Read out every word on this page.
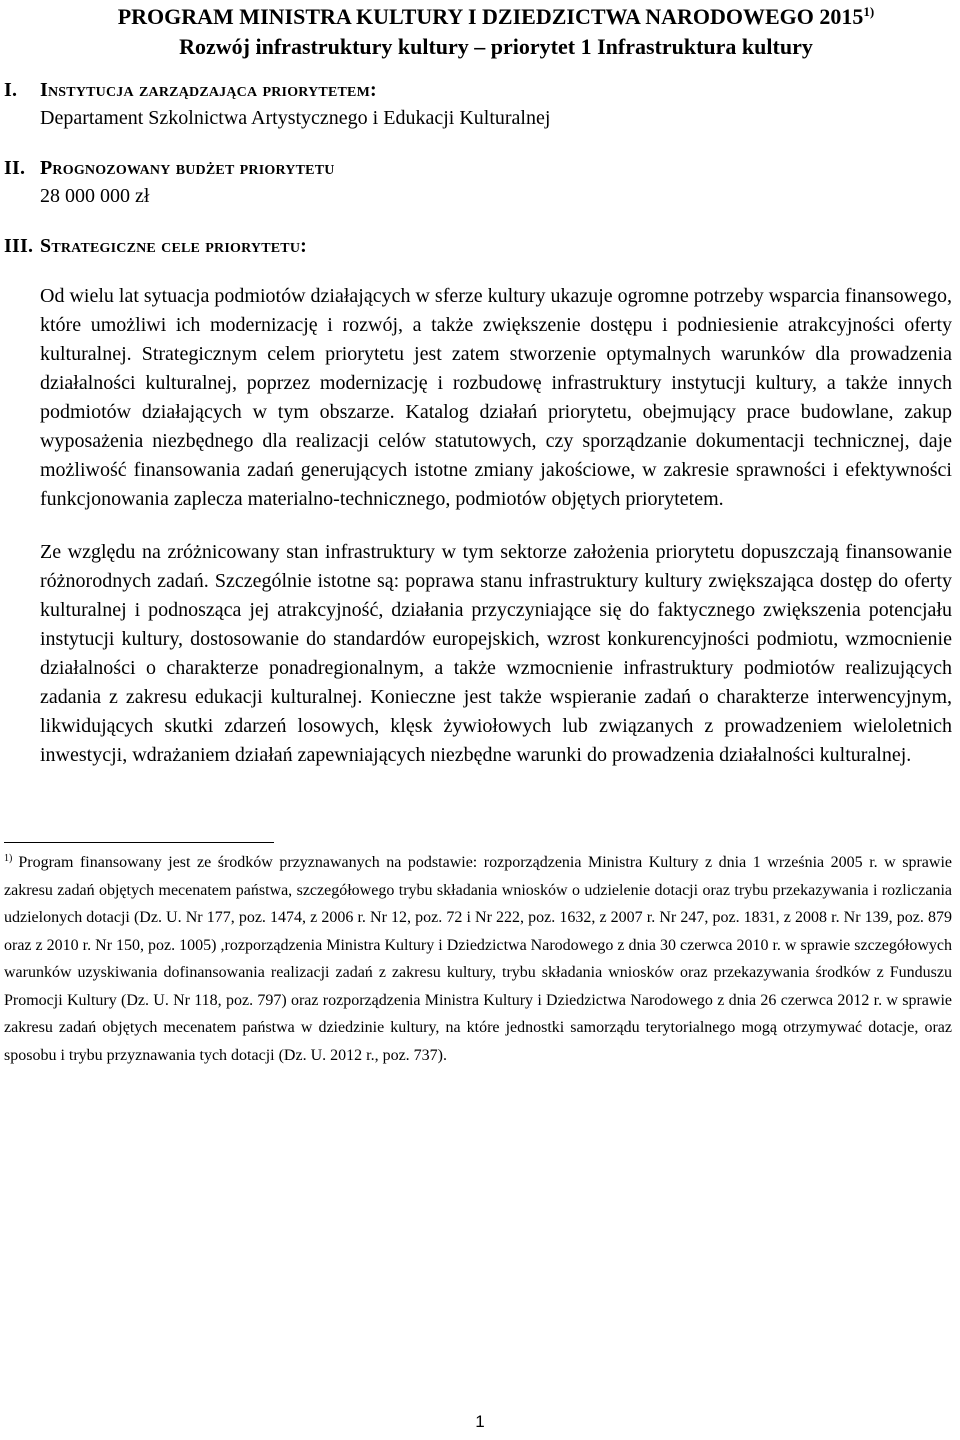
PROGRAM MINISTRA KULTURY I DZIEDZICTWA NARODOWEGO 2015$^{1)}$

Rozwój infrastruktury kultury – priorytet 1 Infrastruktura kultury

I. Instytucja zarządzająca priorytetem:

Departament Szkolnictwa Artystycznego i Edukacji Kulturalnej

II. Prognozowany budżet priorytetu

28 000 000 zł

III. Strategiczne cele priorytetu:

Od wielu lat sytuacja podmiotów działających w sferze kultury ukazuje ogromne potrzeby wsparcia finansowego, które umożliwi ich modernizację i rozwój, a także zwiększenie dostępu i podniesienie atrakcyjności oferty kulturalnej. Strategicznym celem priorytetu jest zatem stworzenie optymalnych warunków dla prowadzenia działalności kulturalnej, poprzez modernizację i rozbudowę infrastruktury instytucji kultury, a także innych podmiotów działających w tym obszarze. Katalog działań priorytetu, obejmujący prace budowlane, zakup wyposażenia niezbędnego dla realizacji celów statutowych, czy sporządzanie dokumentacji technicznej, daje możliwość finansowania zadań generujących istotne zmiany jakościowe, w zakresie sprawności i efektywności funkcjonowania zaplecza materialno-technicznego, podmiotów objętych priorytetem.

Ze względu na zróżnicowany stan infrastruktury w tym sektorze założenia priorytetu dopuszczają finansowanie różnorodnych zadań. Szczególnie istotne są: poprawa stanu infrastruktury kultury zwiększająca dostęp do oferty kulturalnej i podnosząca jej atrakcyjność, działania przyczyniające się do faktycznego zwiększenia potencjału instytucji kultury, dostosowanie do standardów europejskich, wzrost konkurencyjności podmiotu, wzmocnienie działalności o charakterze ponadregionalnym, a także wzmocnienie infrastruktury podmiotów realizujących zadania z zakresu edukacji kulturalnej. Konieczne jest także wspieranie zadań o charakterze interwencyjnym, likwidujących skutki zdarzeń losowych, klęsk żywiołowych lub związanych z prowadzeniem wieloletnich inwestycji, wdrażaniem działań zapewniających niezbędne warunki do prowadzenia działalności kulturalnej.

$^{1)}$ Program finansowany jest ze środków przyznawanych na podstawie: rozporządzenia Ministra Kultury z dnia 1 września 2005 r. w sprawie zakresu zadań objętych mecenatem państwa, szczegółowego trybu składania wniosków o udzielenie dotacji oraz trybu przekazywania i rozliczania udzielonych dotacji (Dz. U. Nr 177, poz. 1474, z 2006 r. Nr 12, poz. 72 i Nr 222, poz. 1632, z 2007 r. Nr 247, poz. 1831, z 2008 r. Nr 139, poz. 879 oraz z 2010 r. Nr 150, poz. 1005) ,rozporządzenia Ministra Kultury i Dziedzictwa Narodowego z dnia 30 czerwca 2010 r. w sprawie szczegółowych warunków uzyskiwania dofinansowania realizacji zadań z zakresu kultury, trybu składania wniosków oraz przekazywania środków z Funduszu Promocji Kultury (Dz. U. Nr 118, poz. 797) oraz rozporządzenia Ministra Kultury i Dziedzictwa Narodowego z dnia 26 czerwca 2012 r. w sprawie zakresu zadań objętych mecenatem państwa w dziedzinie kultury, na które jednostki samorządu terytorialnego mogą otrzymywać dotacje, oraz sposobu i trybu przyznawania tych dotacji (Dz. U. 2012 r., poz. 737).

1
